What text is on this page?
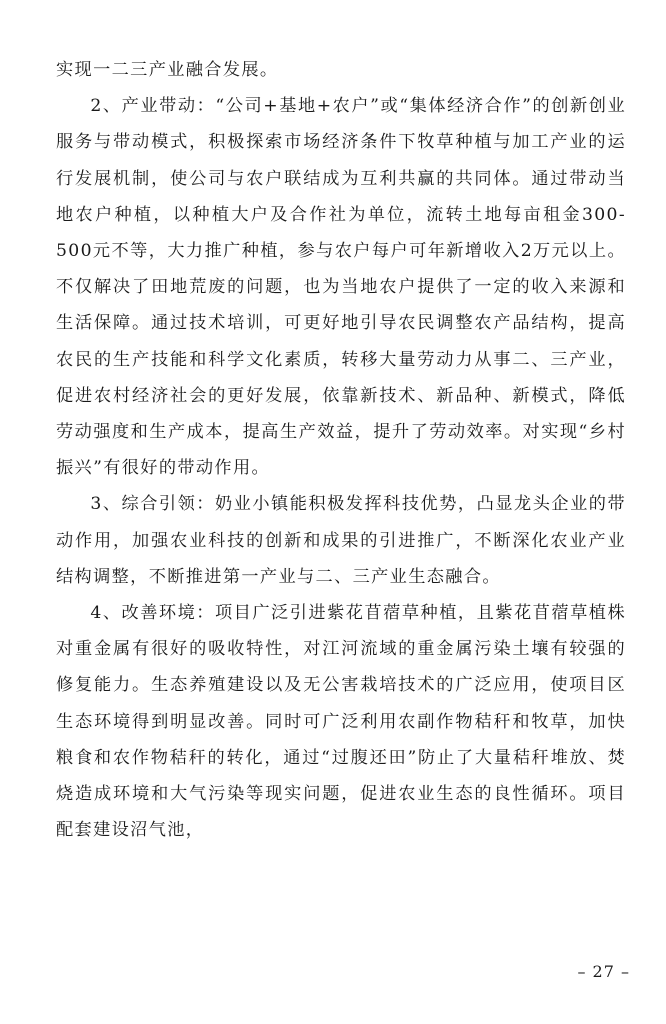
实现一二三产业融合发展。

2、产业带动：“公司+基地+农户”或“集体经济合作”的创新创业服务与带动模式，积极探索市场经济条件下牧草种植与加工产业的运行发展机制，使公司与农户联结成为互利共赢的共同体。通过带动当地农户种植，以种植大户及合作社为单位，流转土地每亩租金300-500元不等，大力推广种植，参与农户每户可年新增收入2万元以上。不仅解决了田地荒废的问题，也为当地农户提供了一定的收入来源和生活保障。通过技术培训，可更好地引导农民调整农产品结构，提高农民的生产技能和科学文化素质，转移大量劳动力从事二、三产业，促进农村经济社会的更好发展，依靠新技术、新品种、新模式，降低劳动强度和生产成本，提高生产效益，提升了劳动效率。对实现“乡村振兴”有很好的带动作用。

3、综合引领：奶业小镇能积极发挥科技优势，凸显龙头企业的带动作用，加强农业科技的创新和成果的引进推广，不断深化农业产业结构调整，不断推进第一产业与二、三产业生态融合。

4、改善环境：项目广泛引进紫花苜蓿草种植，且紫花苜蓿草植株对重金属有很好的吸收特性，对江河流域的重金属污染土壤有较强的修复能力。生态养殖建设以及无公害栽培技术的广泛应用，使项目区生态环境得到明显改善。同时可广泛利用农副作物秸秆和牧草，加快粮食和农作物秸秆的转化，通过“过腹还田”防止了大量秸秆堆放、焚烧造成环境和大气污染等现实问题，促进农业生态的良性循环。项目配套建设沼气池，

– 27 –
